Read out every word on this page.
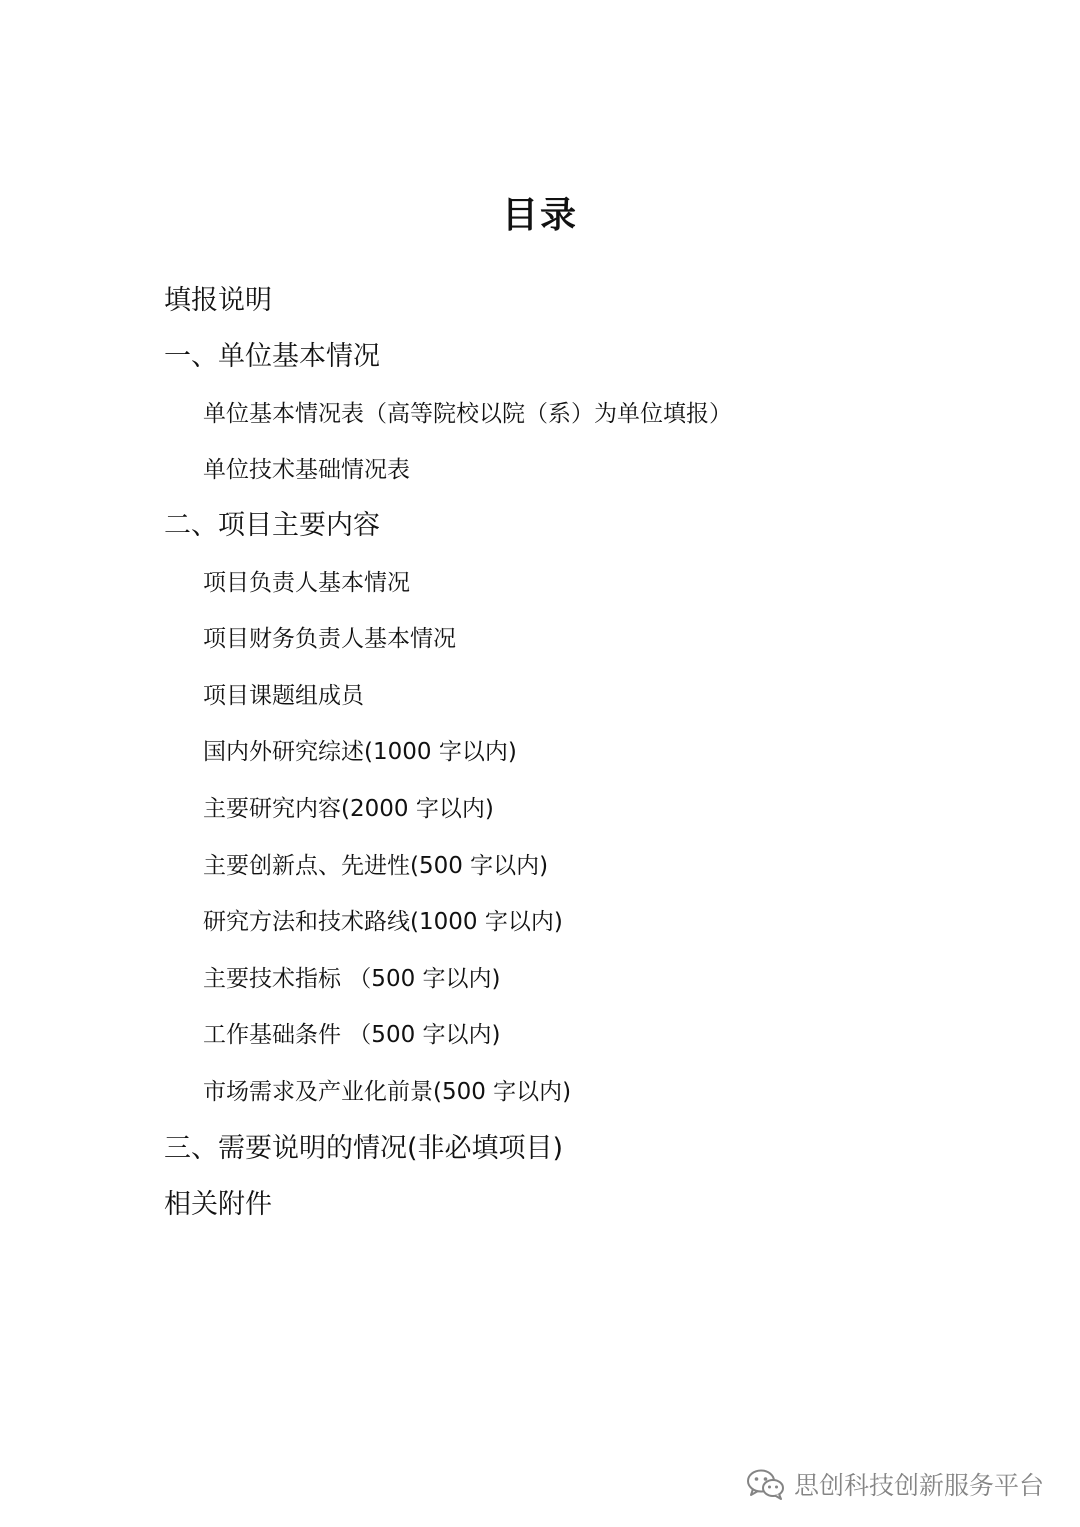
目录
填报说明
一、单位基本情况
单位基本情况表（高等院校以院（系）为单位填报）
单位技术基础情况表
二、项目主要内容
项目负责人基本情况
项目财务负责人基本情况
项目课题组成员
国内外研究综述(1000 字以内)
主要研究内容(2000 字以内)
主要创新点、先进性(500 字以内)
研究方法和技术路线(1000 字以内)
主要技术指标 （500 字以内)
工作基础条件 （500 字以内)
市场需求及产业化前景(500 字以内)
三、需要说明的情况(非必填项目)
相关附件
思创科技创新服务平台
